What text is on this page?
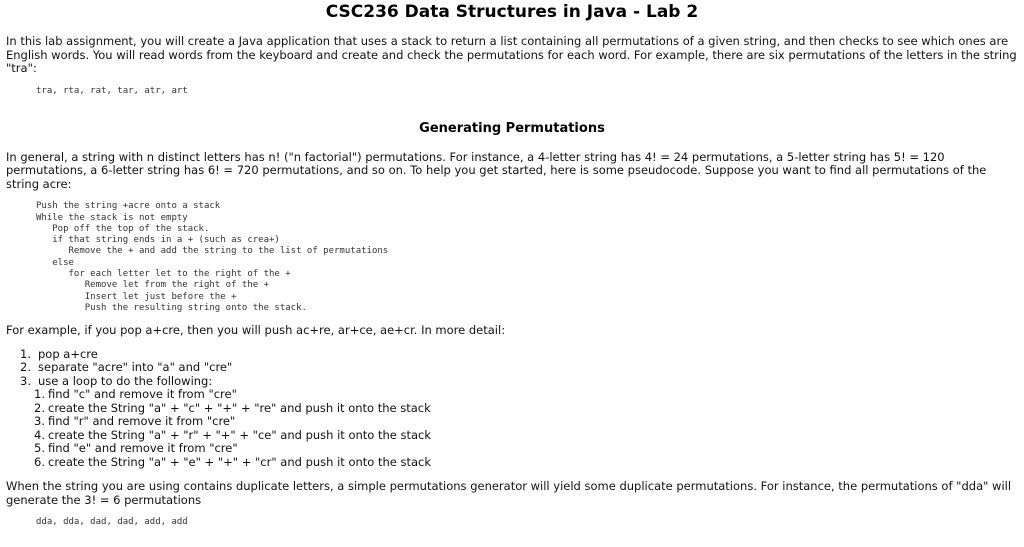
CSC236 Data Structures in Java - Lab 2

In this lab assignment, you will create a Java application that uses a stack to return a list containing all permutations of a given string, and then checks to see which ones are English words. You will read words from the keyboard and create and check the permutations for each word. For example, there are six permutations of the letters in the string "tra":

tra, rta, rat, tar, atr, art
Generating Permutations

In general, a string with n distinct letters has n! ("n factorial") permutations. For instance, a 4-letter string has 4! = 24 permutations, a 5-letter string has 5! = 120 permutations, a 6-letter string has 6! = 720 permutations, and so on. To help you get started, here is some pseudocode. Suppose you want to find all permutations of the string acre:

Push the string +acre onto a stack
While the stack is not empty
Pop off the top of the stack.
if that string ends in a + (such as crea+)
Remove the + and add the string to the list of permutations
else
for each letter let to the right of the +
Remove let from the right of the +
Insert let just before the +
Push the resulting string onto the stack.

For example, if you pop a+cre, then you will push ac+re, ar+ce, ae+cr. In more detail:

1. pop a+cre
2. separate "acre" into "a" and "cre"
3. use a loop to do the following:
1. find "c" and remove it from "cre"
2. create the String "a" + "c" + "+" + "re" and push it onto the stack
3. find "r" and remove it from "cre"
4. create the String "a" + "r" + "+" + "ce" and push it onto the stack
5. find "e" and remove it from "cre"
6. create the String "a" + "e" + "+" + "cr" and push it onto the stack

When the string you are using contains duplicate letters, a simple permutations generator will yield some duplicate permutations. For instance, the permutations of "dda" will generate the 3! = 6 permutations

dda, dda, dad, dad, add, add
